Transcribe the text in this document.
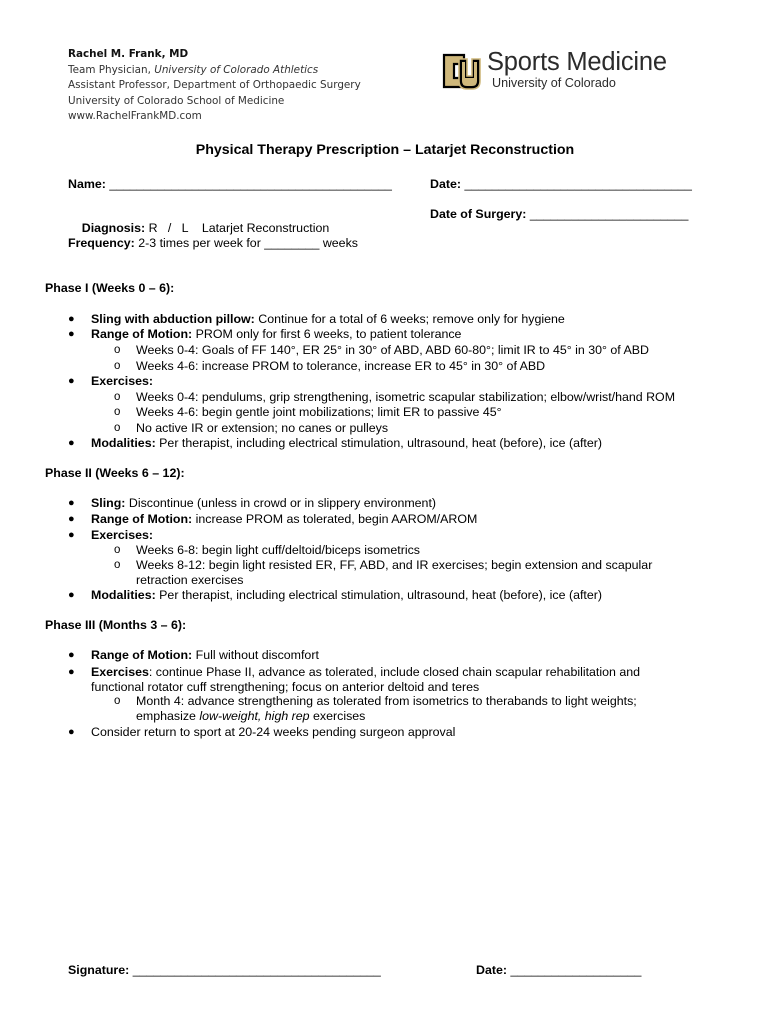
Rachel M. Frank, MD
Team Physician, University of Colorado Athletics
Assistant Professor, Department of Orthopaedic Surgery
University of Colorado School of Medicine
www.RachelFrankMD.com
Sports Medicine
University of Colorado
Physical Therapy Prescription – Latarjet Reconstruction
Name: _________________________________________	Date: _________________________________

Diagnosis: R   /   L    Latarjet Reconstruction

Date of Surgery: _______________________
Frequency: 2-3 times per week for ________ weeks
Phase I (Weeks 0 – 6):
● Sling with abduction pillow: Continue for a total of 6 weeks; remove only for hygiene
● Range of Motion: PROM only for first 6 weeks, to patient tolerance
o Weeks 0-4: Goals of FF 140°, ER 25° in 30° of ABD, ABD 60-80°; limit IR to 45° in 30° of ABD
o Weeks 4-6: increase PROM to tolerance, increase ER to 45° in 30° of ABD
● Exercises:
o Weeks 0-4: pendulums, grip strengthening, isometric scapular stabilization; elbow/wrist/hand ROM
o Weeks 4-6: begin gentle joint mobilizations; limit ER to passive 45°
o No active IR or extension; no canes or pulleys
● Modalities: Per therapist, including electrical stimulation, ultrasound, heat (before), ice (after)
Phase II (Weeks 6 – 12):
● Sling: Discontinue (unless in crowd or in slippery environment)
● Range of Motion: increase PROM as tolerated, begin AAROM/AROM
● Exercises:
o Weeks 6-8: begin light cuff/deltoid/biceps isometrics
o Weeks 8-12: begin light resisted ER, FF, ABD, and IR exercises; begin extension and scapular
retraction exercises
● Modalities: Per therapist, including electrical stimulation, ultrasound, heat (before), ice (after)
Phase III (Months 3 – 6):
● Range of Motion: Full without discomfort
● Exercises: continue Phase II, advance as tolerated, include closed chain scapular rehabilitation and
functional rotator cuff strengthening; focus on anterior deltoid and teres
o Month 4: advance strengthening as tolerated from isometrics to therabands to light weights;
emphasize low-weight, high rep exercises
● Consider return to sport at 20-24 weeks pending surgeon approval
Signature: ____________________________________	Date: ___________________
